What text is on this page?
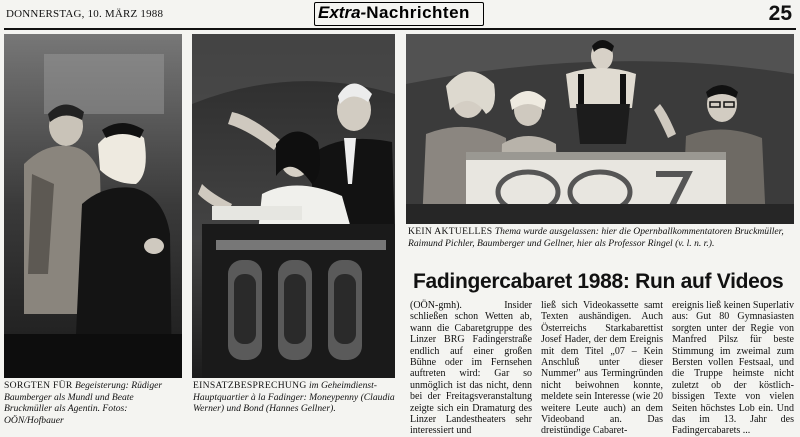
DONNERSTAG, 10. MÄRZ 1988	Extra-Nachrichten	25
SORGTEN FÜR Begeisterung: Rüdiger Baumberger als Mundl und Beate Bruckmüller als Agentin. Fotos: OÖN/Hofbauer
EINSATZBESPRECHUNG im Geheimdienst-Hauptquartier à la Fadinger: Moneypenny (Claudia Werner) und Bond (Hannes Gellner).
KEIN AKTUELLES Thema wurde ausgelassen: hier die Opernballkommentatoren Bruckmüller, Raimund Pichler, Baumberger und Gellner, hier als Professor Ringel (v. l. n. r.).
Fadingercabaret 1988: Run auf Videos

(OÖN-gmh). Insider schließen schon Wetten ab, wann die Cabaretgruppe des Linzer BRG Fadingerstraße endlich auf einer großen Bühne oder im Fernsehen auftreten wird: Gar so unmöglich ist das nicht, denn bei der Freitagsveranstaltung zeigte sich ein Dramaturg des Linzer Landestheaters sehr interessiert und

ließ sich Videokassette samt Texten aushändigen. Auch Österreichs Starkabarettist Josef Hader, der dem Ereignis mit dem Titel „07 – Kein Anschluß unter dieser Nummer" aus Termingründen nicht beiwohnen konnte, meldete sein Interesse (wie 20 weitere Leute auch) an dem Videoband an. Das dreistündige Cabaret-

ereignis ließ keinen Superlativ aus: Gut 80 Gymnasiasten sorgten unter der Regie von Manfred Pilsz für beste Stimmung im zweimal zum Bersten vollen Festsaal, und die Truppe heimste nicht zuletzt ob der köstlich-bissigen Texte von vielen Seiten höchstes Lob ein. Und das im 13. Jahr des Fadingercabarets ...
